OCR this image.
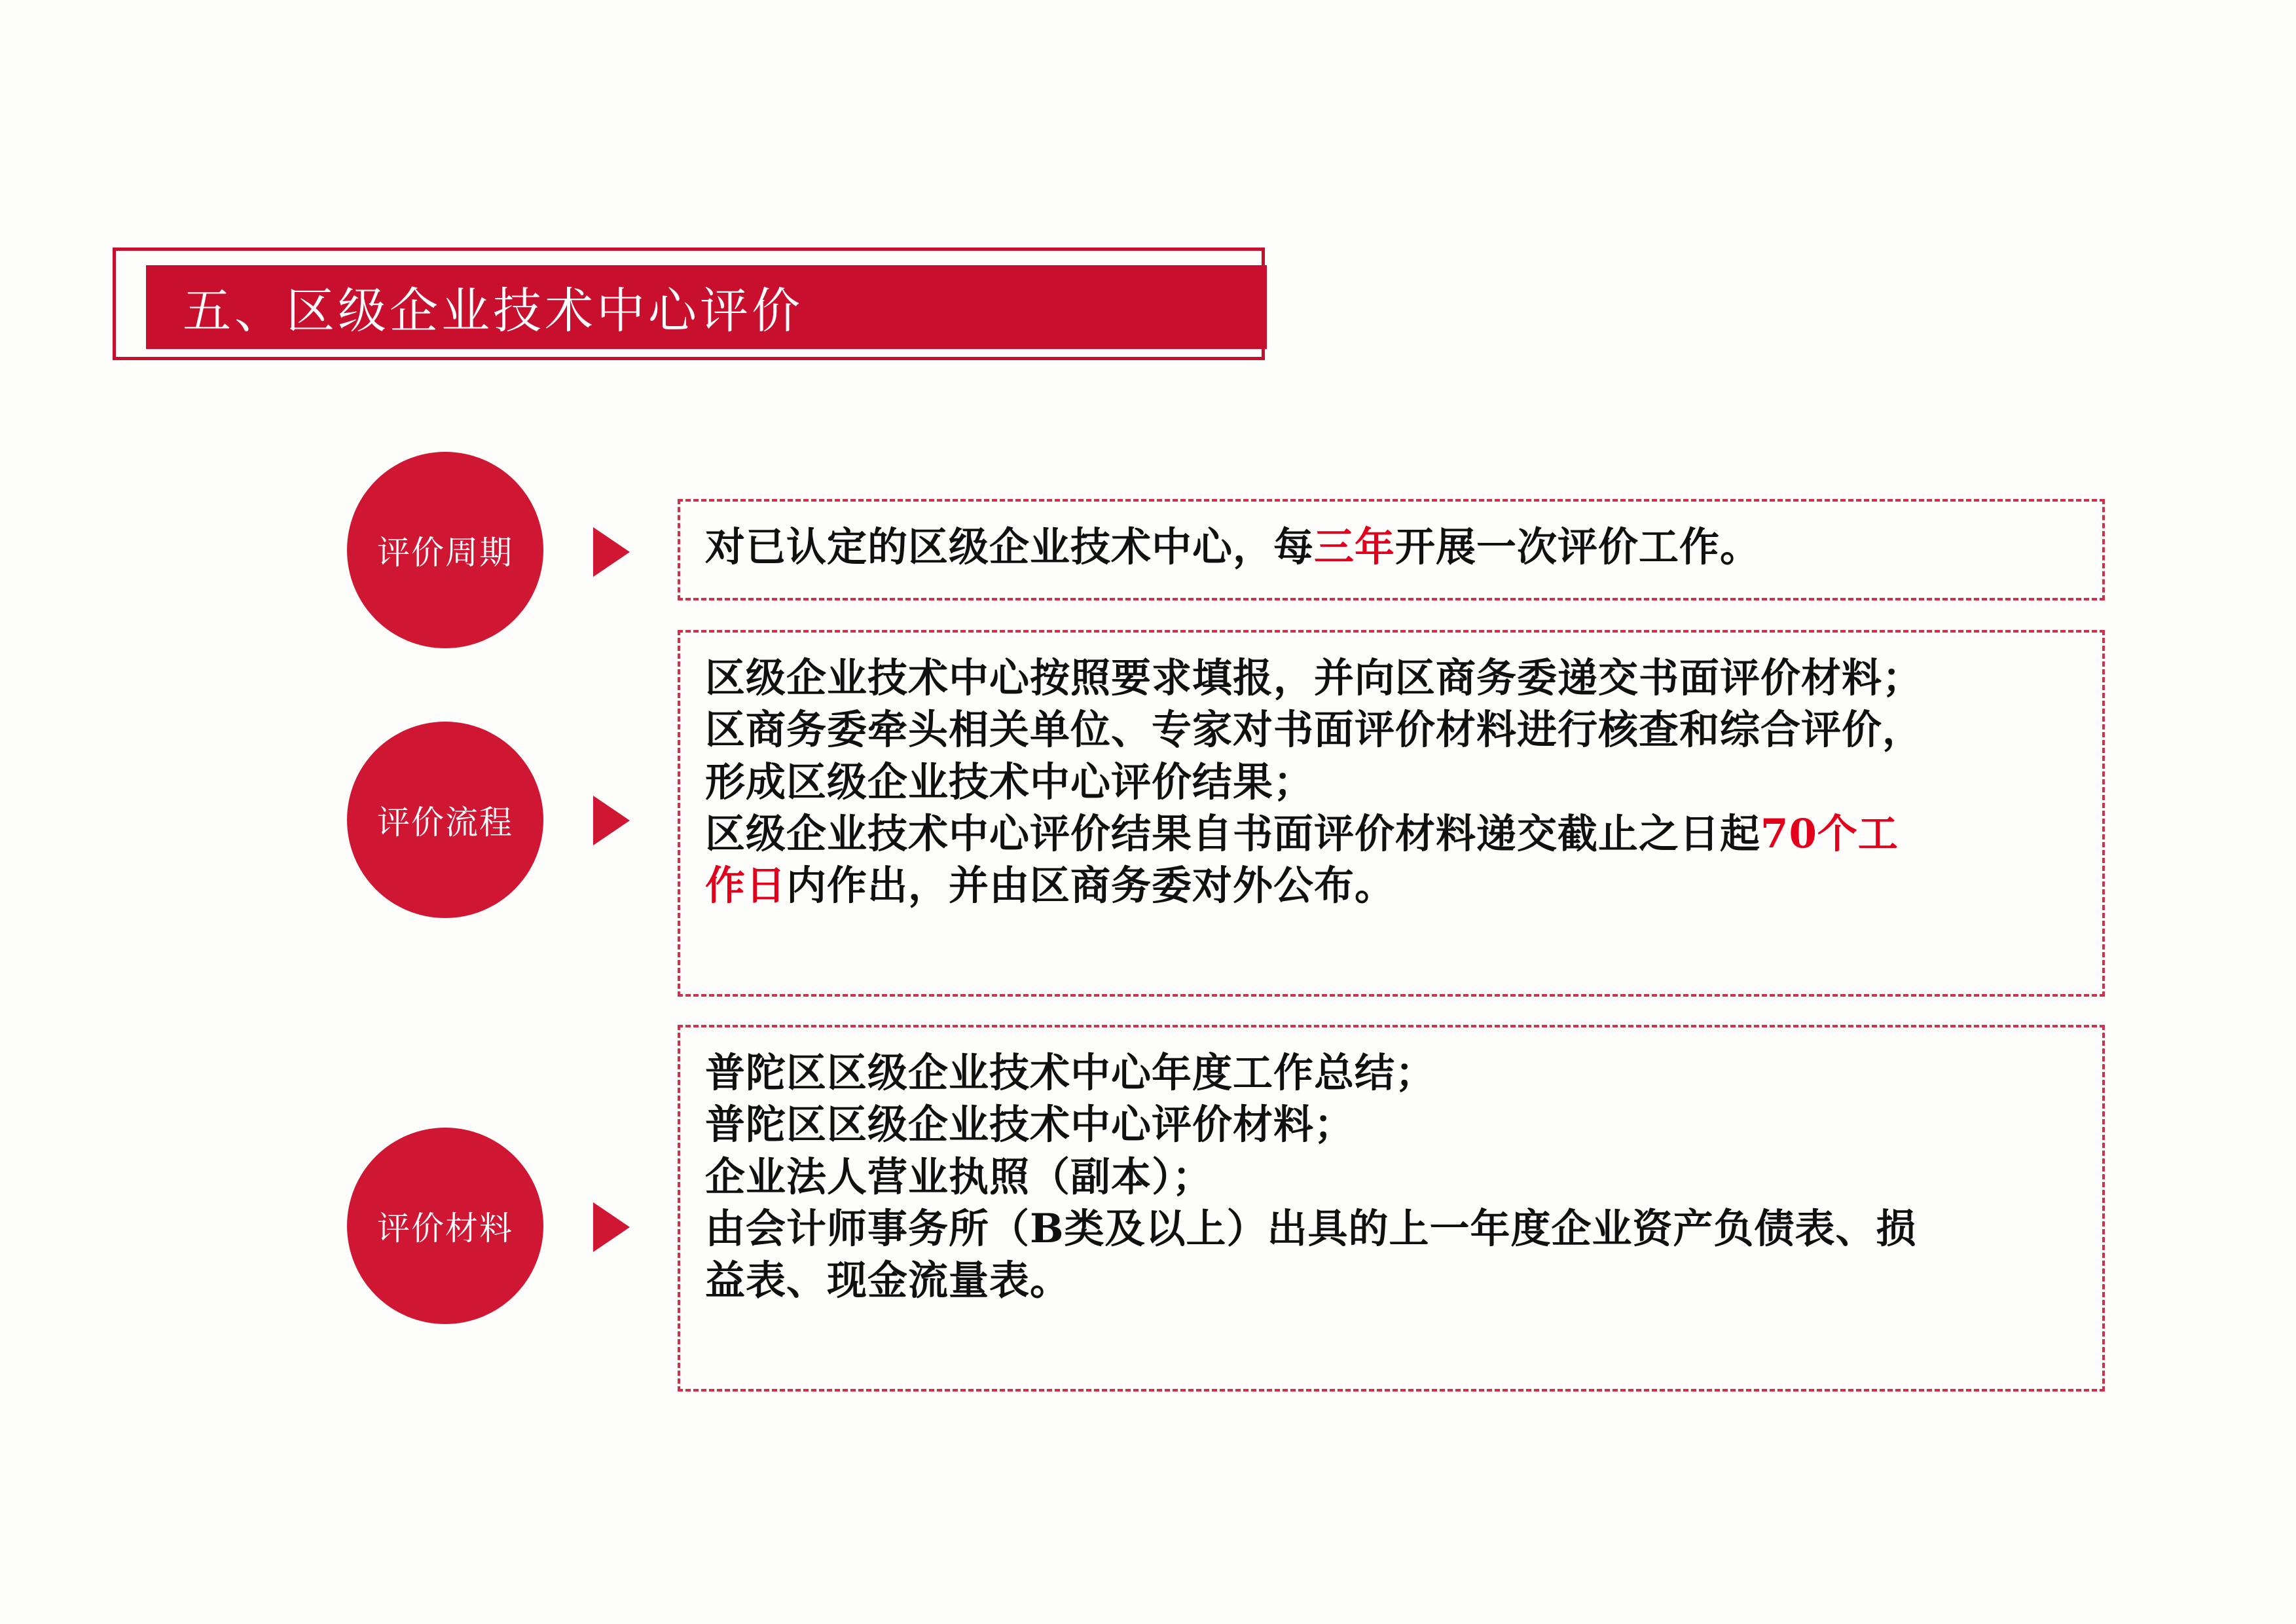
五、区级企业技术中心评价
评价周期	对已认定的区级企业技术中心，每三年开展一次评价工作。

评价流程

区级企业技术中心按照要求填报，并向区商务委递交书面评价材料；

区商务委牵头相关单位、专家对书面评价材料进行核查和综合评价，

形成区级企业技术中心评价结果；

区级企业技术中心评价结果自书面评价材料递交截止之日起70个工

作日内作出，并由区商务委对外公布。

评价材料

普陀区区级企业技术中心年度工作总结；

普陀区区级企业技术中心评价材料；

企业法人营业执照（副本）；

由会计师事务所（B类及以上）出具的上一年度企业资产负债表、损

益表、现金流量表。
